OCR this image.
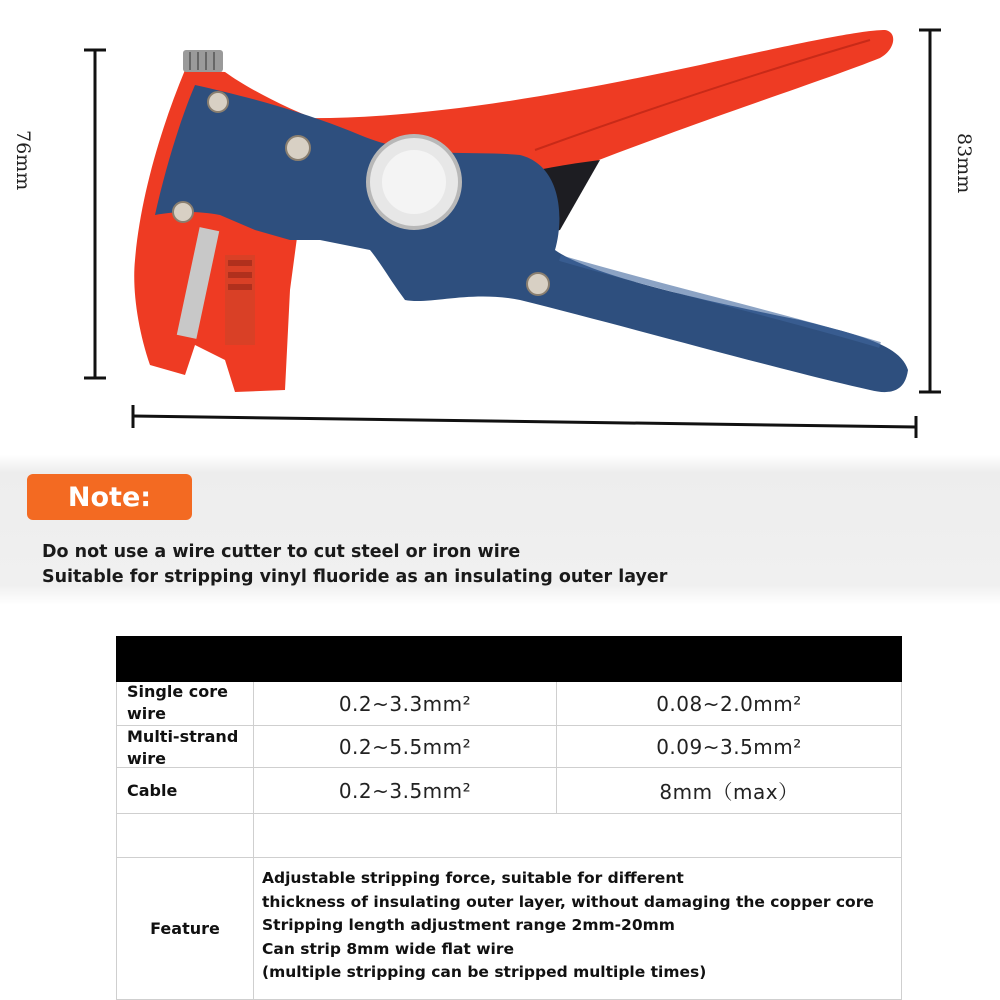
76mm	83mm
Note:
Do not use a wire cutter to cut steel or iron wire
Suitable for stripping vinyl fluoride as an insulating outer layer
Single core wire	0.2~3.3mm²	0.08~2.0mm²
Multi-strand wire	0.2~5.5mm²	0.09~3.5mm²
Cable	0.2~3.5mm²	8mm（max）
Feature
Adjustable stripping force, suitable for different
thickness of insulating outer layer, without damaging the copper core
Stripping length adjustment range 2mm-20mm
Can strip 8mm wide flat wire
(multiple stripping can be stripped multiple times)
